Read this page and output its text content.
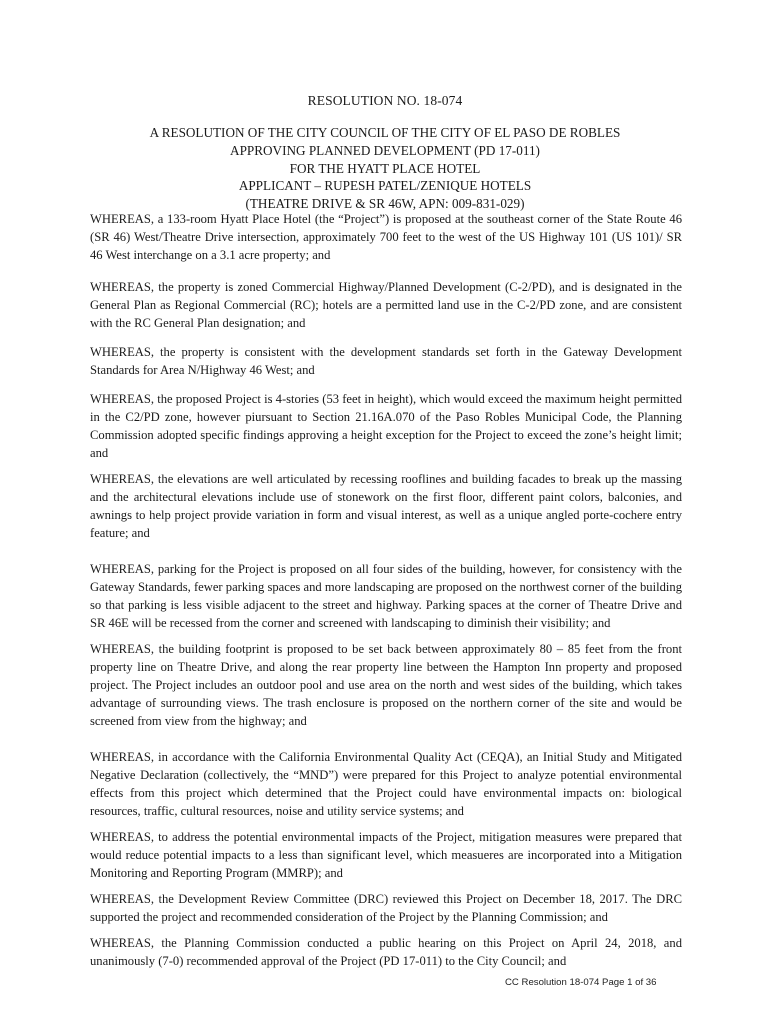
RESOLUTION NO. 18-074
A RESOLUTION OF THE CITY COUNCIL OF THE CITY OF EL PASO DE ROBLES
APPROVING PLANNED DEVELOPMENT (PD 17-011)
FOR THE HYATT PLACE HOTEL
APPLICANT – RUPESH PATEL/ZENIQUE HOTELS
(THEATRE DRIVE & SR 46W, APN: 009-831-029)

WHEREAS, a 133-room Hyatt Place Hotel (the “Project”) is proposed at the southeast corner of the State Route 46 (SR 46) West/Theatre Drive intersection, approximately 700 feet to the west of the US Highway 101 (US 101)/ SR 46 West interchange on a 3.1 acre property; and

WHEREAS, the property is zoned Commercial Highway/Planned Development (C-2/PD), and is designated in the General Plan as Regional Commercial (RC); hotels are a permitted land use in the C-2/PD zone, and are consistent with the RC General Plan designation; and

WHEREAS, the property is consistent with the development standards set forth in the Gateway Development Standards for Area N/Highway 46 West; and

WHEREAS, the proposed Project is 4-stories (53 feet in height), which would exceed the maximum height permitted in the C2/PD zone, however piursuant to Section 21.16A.070 of the Paso Robles Municipal Code, the Planning Commission adopted specific findings approving a height exception for the Project to exceed the zone’s height limit; and

WHEREAS, the elevations are well articulated by recessing rooflines and building facades to break up the massing and the architectural elevations include use of stonework on the first floor, different paint colors, balconies, and awnings to help project provide variation in form and visual interest, as well as a unique angled porte-cochere entry feature; and

WHEREAS, parking for the Project is proposed on all four sides of the building, however, for consistency with the Gateway Standards, fewer parking spaces and more landscaping are proposed on the northwest corner of the building so that parking is less visible adjacent to the street and highway. Parking spaces at the corner of Theatre Drive and SR 46E will be recessed from the corner and screened with landscaping to diminish their visibility; and

WHEREAS, the building footprint is proposed to be set back between approximately 80 – 85 feet from the front property line on Theatre Drive, and along the rear property line between the Hampton Inn property and proposed project. The Project includes an outdoor pool and use area on the north and west sides of the building, which takes advantage of surrounding views. The trash enclosure is proposed on the northern corner of the site and would be screened from view from the highway; and

WHEREAS, in accordance with the California Environmental Quality Act (CEQA), an Initial Study and Mitigated Negative Declaration (collectively, the “MND”) were prepared for this Project to analyze potential environmental effects from this project which determined that the Project could have environmental impacts on: biological resources, traffic, cultural resources, noise and utility service systems; and

WHEREAS, to address the potential environmental impacts of the Project, mitigation measures were prepared that would reduce potential impacts to a less than significant level, which measueres are incorporated into a Mitigation Monitoring and Reporting Program (MMRP); and

WHEREAS, the Development Review Committee (DRC) reviewed this Project on December 18, 2017. The DRC supported the project and recommended consideration of the Project by the Planning Commission; and

WHEREAS, the Planning Commission conducted a public hearing on this Project on April 24, 2018, and unanimously (7-0) recommended approval of the Project (PD 17-011) to the City Council; and

CC Resolution 18-074 Page 1 of 36
